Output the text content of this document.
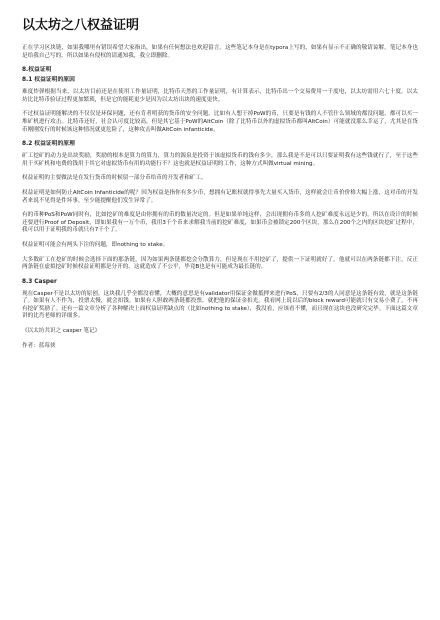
以太坊之八权益证明

正在学习区块链，如果我哪里有错误希望大家指出，如果有任何想法也欢迎留言。这些笔记本身是在typora上写的，如果有显示不正确的敬请谅解。笔记本身也是给我自己写的，所以如果有侵权的请通知我，我立即删除。

8.权益证明
8.1 权益证明的原因

难度炸弹根据当来，以太坊目前还是在使用工作量证明，比特币天然的工作量证明，有计算表示，比特币出一个交易费用一千度电，以太坊需用六七十度。以太坊比比特币验证过程更加繁琐，但是它的能耗更少是因为以太坊出块的速度更快。

不过权益证明能解决的不仅仅是环保问题，还有肯者明获的货币的安全问题。比如有人想干掉PoW的币，只要是有钱的人不管什么领域的都没问题，都可以买一堆矿机进行攻击。比特币还好，社会认可度比较高，但是其它基于PoW的AltCoin（除了比特币以外的虚拟货币都叫AltCoin）可能就没那么幸运了，尤其是在货币刚刚发行的时候该这种情况就更危险了，这种攻击叫做AltCoin infanticide。

8.2 权益证明的原理

矿工挖矿的动力是出块奖励，奖励的根本是算力的算力，算力的源泉是投资于该虚拟货币的钱有多少，那么我是不是可以只要证明我有这些钱就行了，至于这些用于买矿机和电费的钱用于其它对虚拟货币有用的功能行不？这也就是权益证明的工作，这种方式叫做virtual mining。

权益证明的主要做法是在发行货币的时候留一部分币给币的开发者和矿工。

权益证明是如何防止AltCoin Infanticide的呢？因为权益是指你有多少币，想拥有记账权就得事先大量买入货币，这样就会让币价价格大幅上涨，这对币的开发者来说不见得是件坏事，至少能提醒他们发生异常了。

有的币种PoS和PoW同时有，比如挖矿的难度是由你拥有的币的数量决定的。但是如果单纯这样，会出现拥有币多的人挖矿难度永远是少的，所以在设计的时候还要进行Proof of Deposit，即如果我有一万个币，我用3千个币来求解我当前的挖矿难度，如果币会被锁定200个区块，那么在200个之内的区块挖矿过程中，我可以用于证明我的币就只有7千个了。

权益证明可能会有两头下注的问题，即nothing to stake。

大多数矿工在挖矿的时候会选择下面的那条链，因为如果两条链都挖会分散算力，但是现在不用挖矿了，提供一下证明就好了，他就可以在两条链都下注，反正两条链在虚拟挖矿时候权益证明都是分开的，这就造成了不公平，毕竟B也是有可能成为最长链的。

8.3 Casper

现在Casper不是以太坊的原创。这块我几乎全都没看懂，大概的意思是有validator用保证金做抵押来进行PoS，只要有2/3的人同意是这条链有效，就是这条链了。如果有人不作为，投票太慢，就会扣钱。如果有人胆敢两条链都投票，就把他的保证金扣光。我看网上说以后的block reward可能就只有交易小费了，不再有挖矿奖励了。还有一篇文章分析了各种解决上面权益证明缺点的（比如nothing to stake），我没看，应该看不懂，而且现在这块也没研究完毕。下面这篇文章讲的比肖老师的详细多。

《以太坊共识之 casper 笔记》

作者：蓝莓侠
